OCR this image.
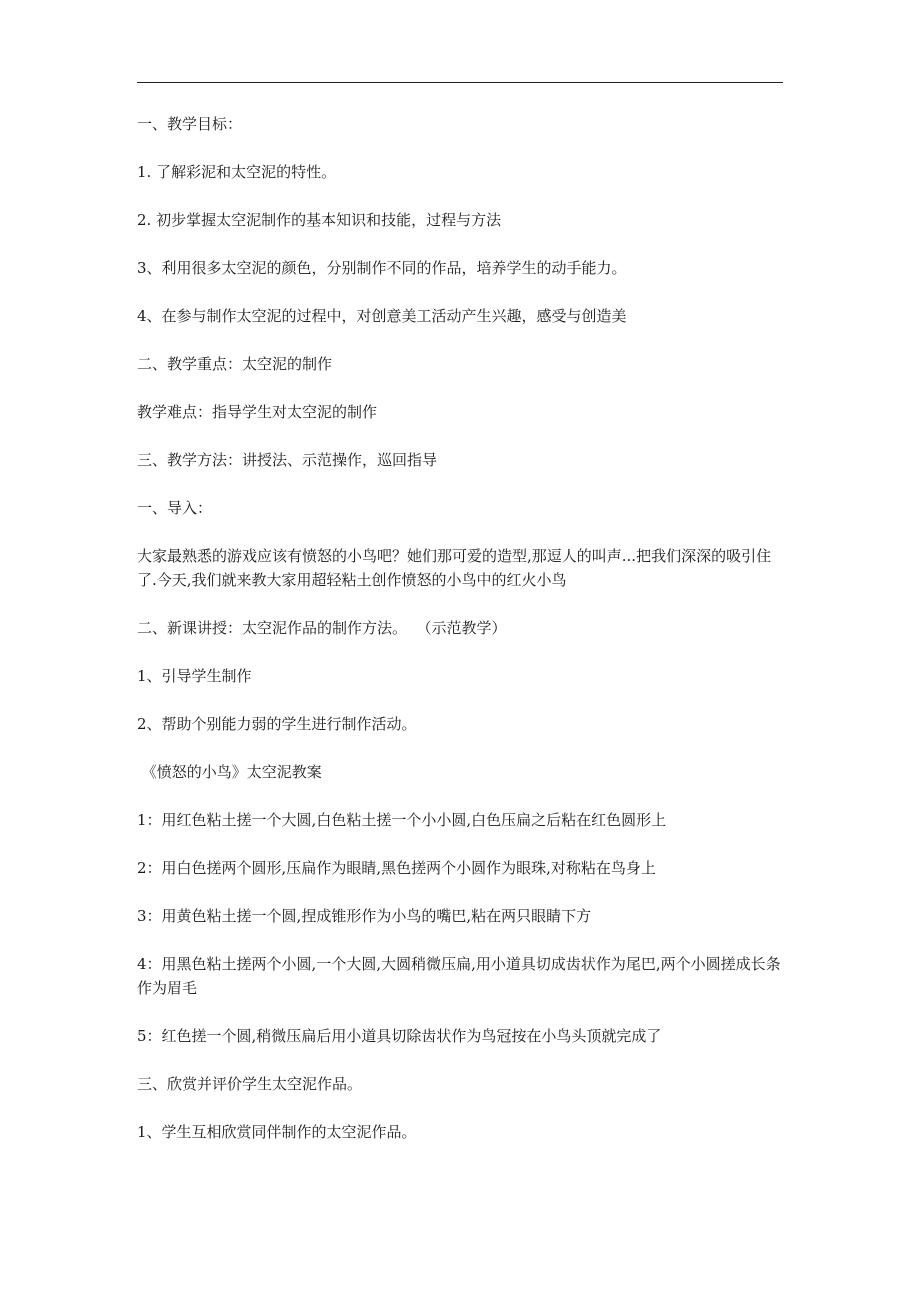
一、教学目标：

1. 了解彩泥和太空泥的特性。

2. 初步掌握太空泥制作的基本知识和技能，过程与方法

3、利用很多太空泥的颜色，分别制作不同的作品，培养学生的动手能力。

4、在参与制作太空泥的过程中，对创意美工活动产生兴趣，感受与创造美

二、教学重点：太空泥的制作

教学难点：指导学生对太空泥的制作

三、教学方法：讲授法、示范操作，巡回指导

一、导入：

大家最熟悉的游戏应该有愤怒的小鸟吧？她们那可爱的造型,那逗人的叫声...把我们深深的吸引住了.今天,我们就来教大家用超轻粘土创作愤怒的小鸟中的红火小鸟

二、新课讲授：太空泥作品的制作方法。  （示范教学）

1、引导学生制作

2、帮助个别能力弱的学生进行制作活动。

《愤怒的小鸟》太空泥教案

1：用红色粘土搓一个大圆,白色粘土搓一个小小圆,白色压扁之后粘在红色圆形上

2：用白色搓两个圆形,压扁作为眼睛,黑色搓两个小圆作为眼珠,对称粘在鸟身上

3：用黄色粘土搓一个圆,捏成锥形作为小鸟的嘴巴,粘在两只眼睛下方

4：用黑色粘土搓两个小圆,一个大圆,大圆稍微压扁,用小道具切成齿状作为尾巴,两个小圆搓成长条作为眉毛

5：红色搓一个圆,稍微压扁后用小道具切除齿状作为鸟冠按在小鸟头顶就完成了

三、欣赏并评价学生太空泥作品。

1、学生互相欣赏同伴制作的太空泥作品。
